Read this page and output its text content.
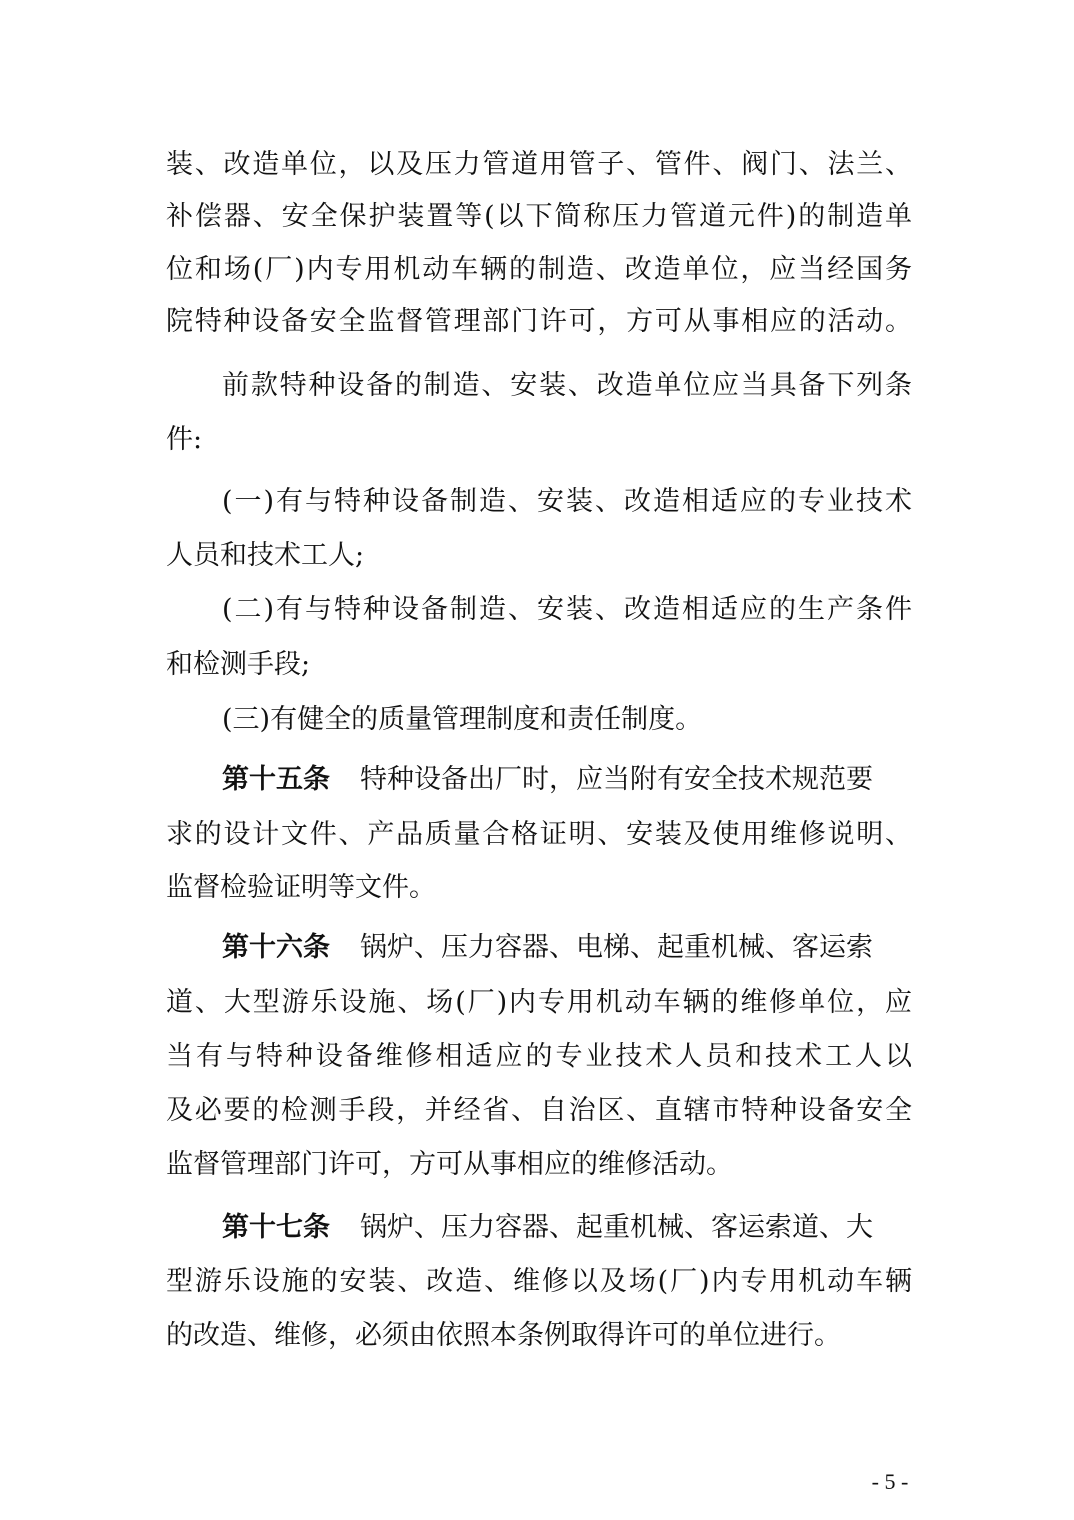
装、改造单位，以及压力管道用管子、管件、阀门、法兰、
补偿器、安全保护装置等(以下简称压力管道元件)的制造单
位和场(厂)内专用机动车辆的制造、改造单位，应当经国务
院特种设备安全监督管理部门许可，方可从事相应的活动。
前款特种设备的制造、安装、改造单位应当具备下列条
件:
(一)有与特种设备制造、安装、改造相适应的专业技术
人员和技术工人;
(二)有与特种设备制造、安装、改造相适应的生产条件
和检测手段;
(三)有健全的质量管理制度和责任制度。
第十五条 特种设备出厂时，应当附有安全技术规范要
求的设计文件、产品质量合格证明、安装及使用维修说明、
监督检验证明等文件。
第十六条 锅炉、压力容器、电梯、起重机械、客运索
道、大型游乐设施、场(厂)内专用机动车辆的维修单位，应
当有与特种设备维修相适应的专业技术人员和技术工人以
及必要的检测手段，并经省、自治区、直辖市特种设备安全
监督管理部门许可，方可从事相应的维修活动。
第十七条 锅炉、压力容器、起重机械、客运索道、大
型游乐设施的安装、改造、维修以及场(厂)内专用机动车辆
的改造、维修，必须由依照本条例取得许可的单位进行。
- 5 -
